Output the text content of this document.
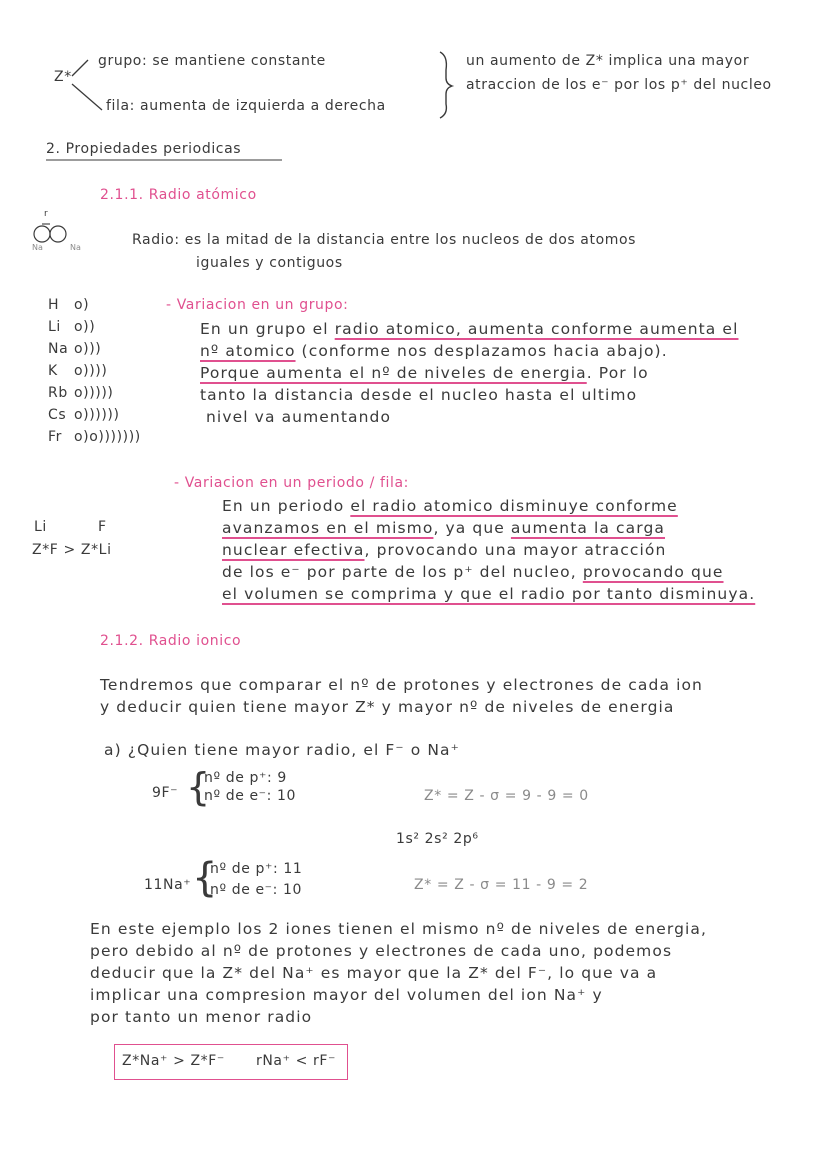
Z*
grupo: se mantiene constante
fila: aumenta de izquierda a derecha
un aumento de Z* implica una mayor
atraccion de los e⁻ por los p⁺ del nucleo
2. Propiedades periodicas
2.1.1. Radio atómico
r
Na	Na	Radio: es la mitad de la distancia entre los nucleos de dos atomos
iguales y contiguos
H o)
Li o))
Na o)))
K o))))
Rb o)))))
Cs o))))))
Fr o)o)))))))
- Variacion en un grupo:
En un grupo el radio atomico, aumenta conforme aumenta el
nº atomico (conforme nos desplazamos hacia abajo).
Porque aumenta el nº de niveles de energia. Por lo
tanto la distancia desde el nucleo hasta el ultimo
nivel va aumentando
- Variacion en un periodo / fila:
En un periodo el radio atomico disminuye conforme
avanzamos en el mismo, ya que aumenta la carga
nuclear efectiva, provocando una mayor atracción
de los e⁻ por parte de los p⁺ del nucleo, provocando que
el volumen se comprima y que el radio por tanto disminuya.
Li	F
Z*F > Z*Li
2.1.2. Radio ionico
Tendremos que comparar el nº de protones y electrones de cada ion
y deducir quien tiene mayor Z* y mayor nº de niveles de energia
a) ¿Quien tiene mayor radio, el F⁻ o Na⁺
9F⁻ {
nº de p⁺: 9
nº de e⁻: 10	Z* = Z - σ = 9 - 9 = 0
1s² 2s² 2p⁶
11Na⁺ {
nº de p⁺: 11
nº de e⁻: 10	Z* = Z - σ = 11 - 9 = 2
En este ejemplo los 2 iones tienen el mismo nº de niveles de energia,
pero debido al nº de protones y electrones de cada uno, podemos
deducir que la Z* del Na⁺ es mayor que la Z* del F⁻, lo que va a
implicar una compresion mayor del volumen del ion Na⁺ y
por tanto un menor radio
Z*Na⁺ > Z*F⁻ rNa⁺ < rF⁻
